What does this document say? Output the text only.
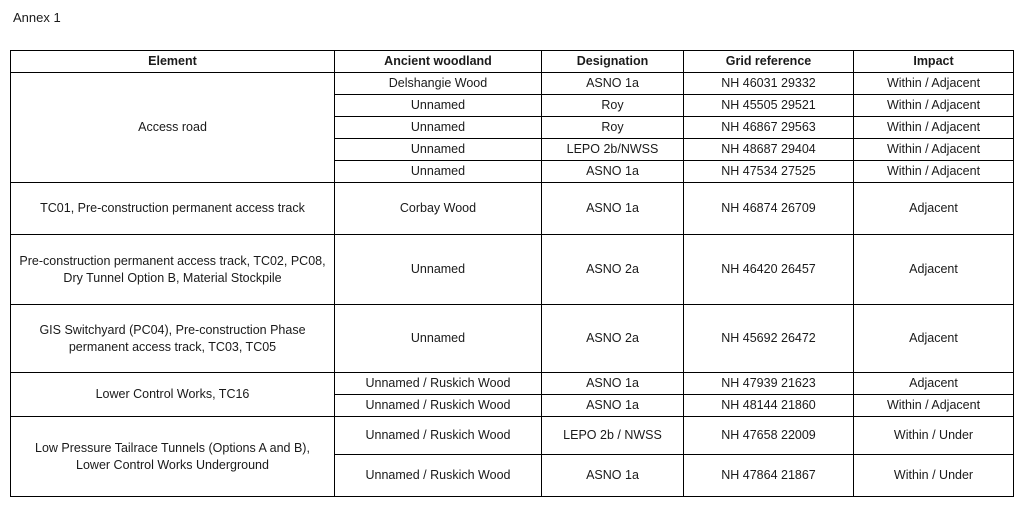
Annex 1
Element	Ancient woodland	Designation	Grid reference	Impact
Access road	Delshangie Wood	ASNO 1a	NH 46031 29332	Within / Adjacent
	Unnamed	Roy	NH 45505 29521	Within / Adjacent
	Unnamed	Roy	NH 46867 29563	Within / Adjacent
	Unnamed	LEPO 2b/NWSS	NH 48687 29404	Within / Adjacent
	Unnamed	ASNO 1a	NH 47534 27525	Within / Adjacent
TC01, Pre-construction permanent access track	Corbay Wood	ASNO 1a	NH 46874 26709	Adjacent
Pre-construction permanent access track, TC02, PC08, Dry Tunnel Option B, Material Stockpile	Unnamed	ASNO 2a	NH 46420 26457	Adjacent
GIS Switchyard (PC04), Pre-construction Phase permanent access track, TC03, TC05	Unnamed	ASNO 2a	NH 45692 26472	Adjacent
Lower Control Works, TC16	Unnamed / Ruskich Wood	ASNO 1a	NH 47939 21623	Adjacent
	Unnamed / Ruskich Wood	ASNO 1a	NH 48144 21860	Within / Adjacent
Low Pressure Tailrace Tunnels (Options A and B), Lower Control Works Underground	Unnamed / Ruskich Wood	LEPO 2b / NWSS	NH 47658 22009	Within / Under
	Unnamed / Ruskich Wood	ASNO 1a	NH 47864 21867	Within / Under
